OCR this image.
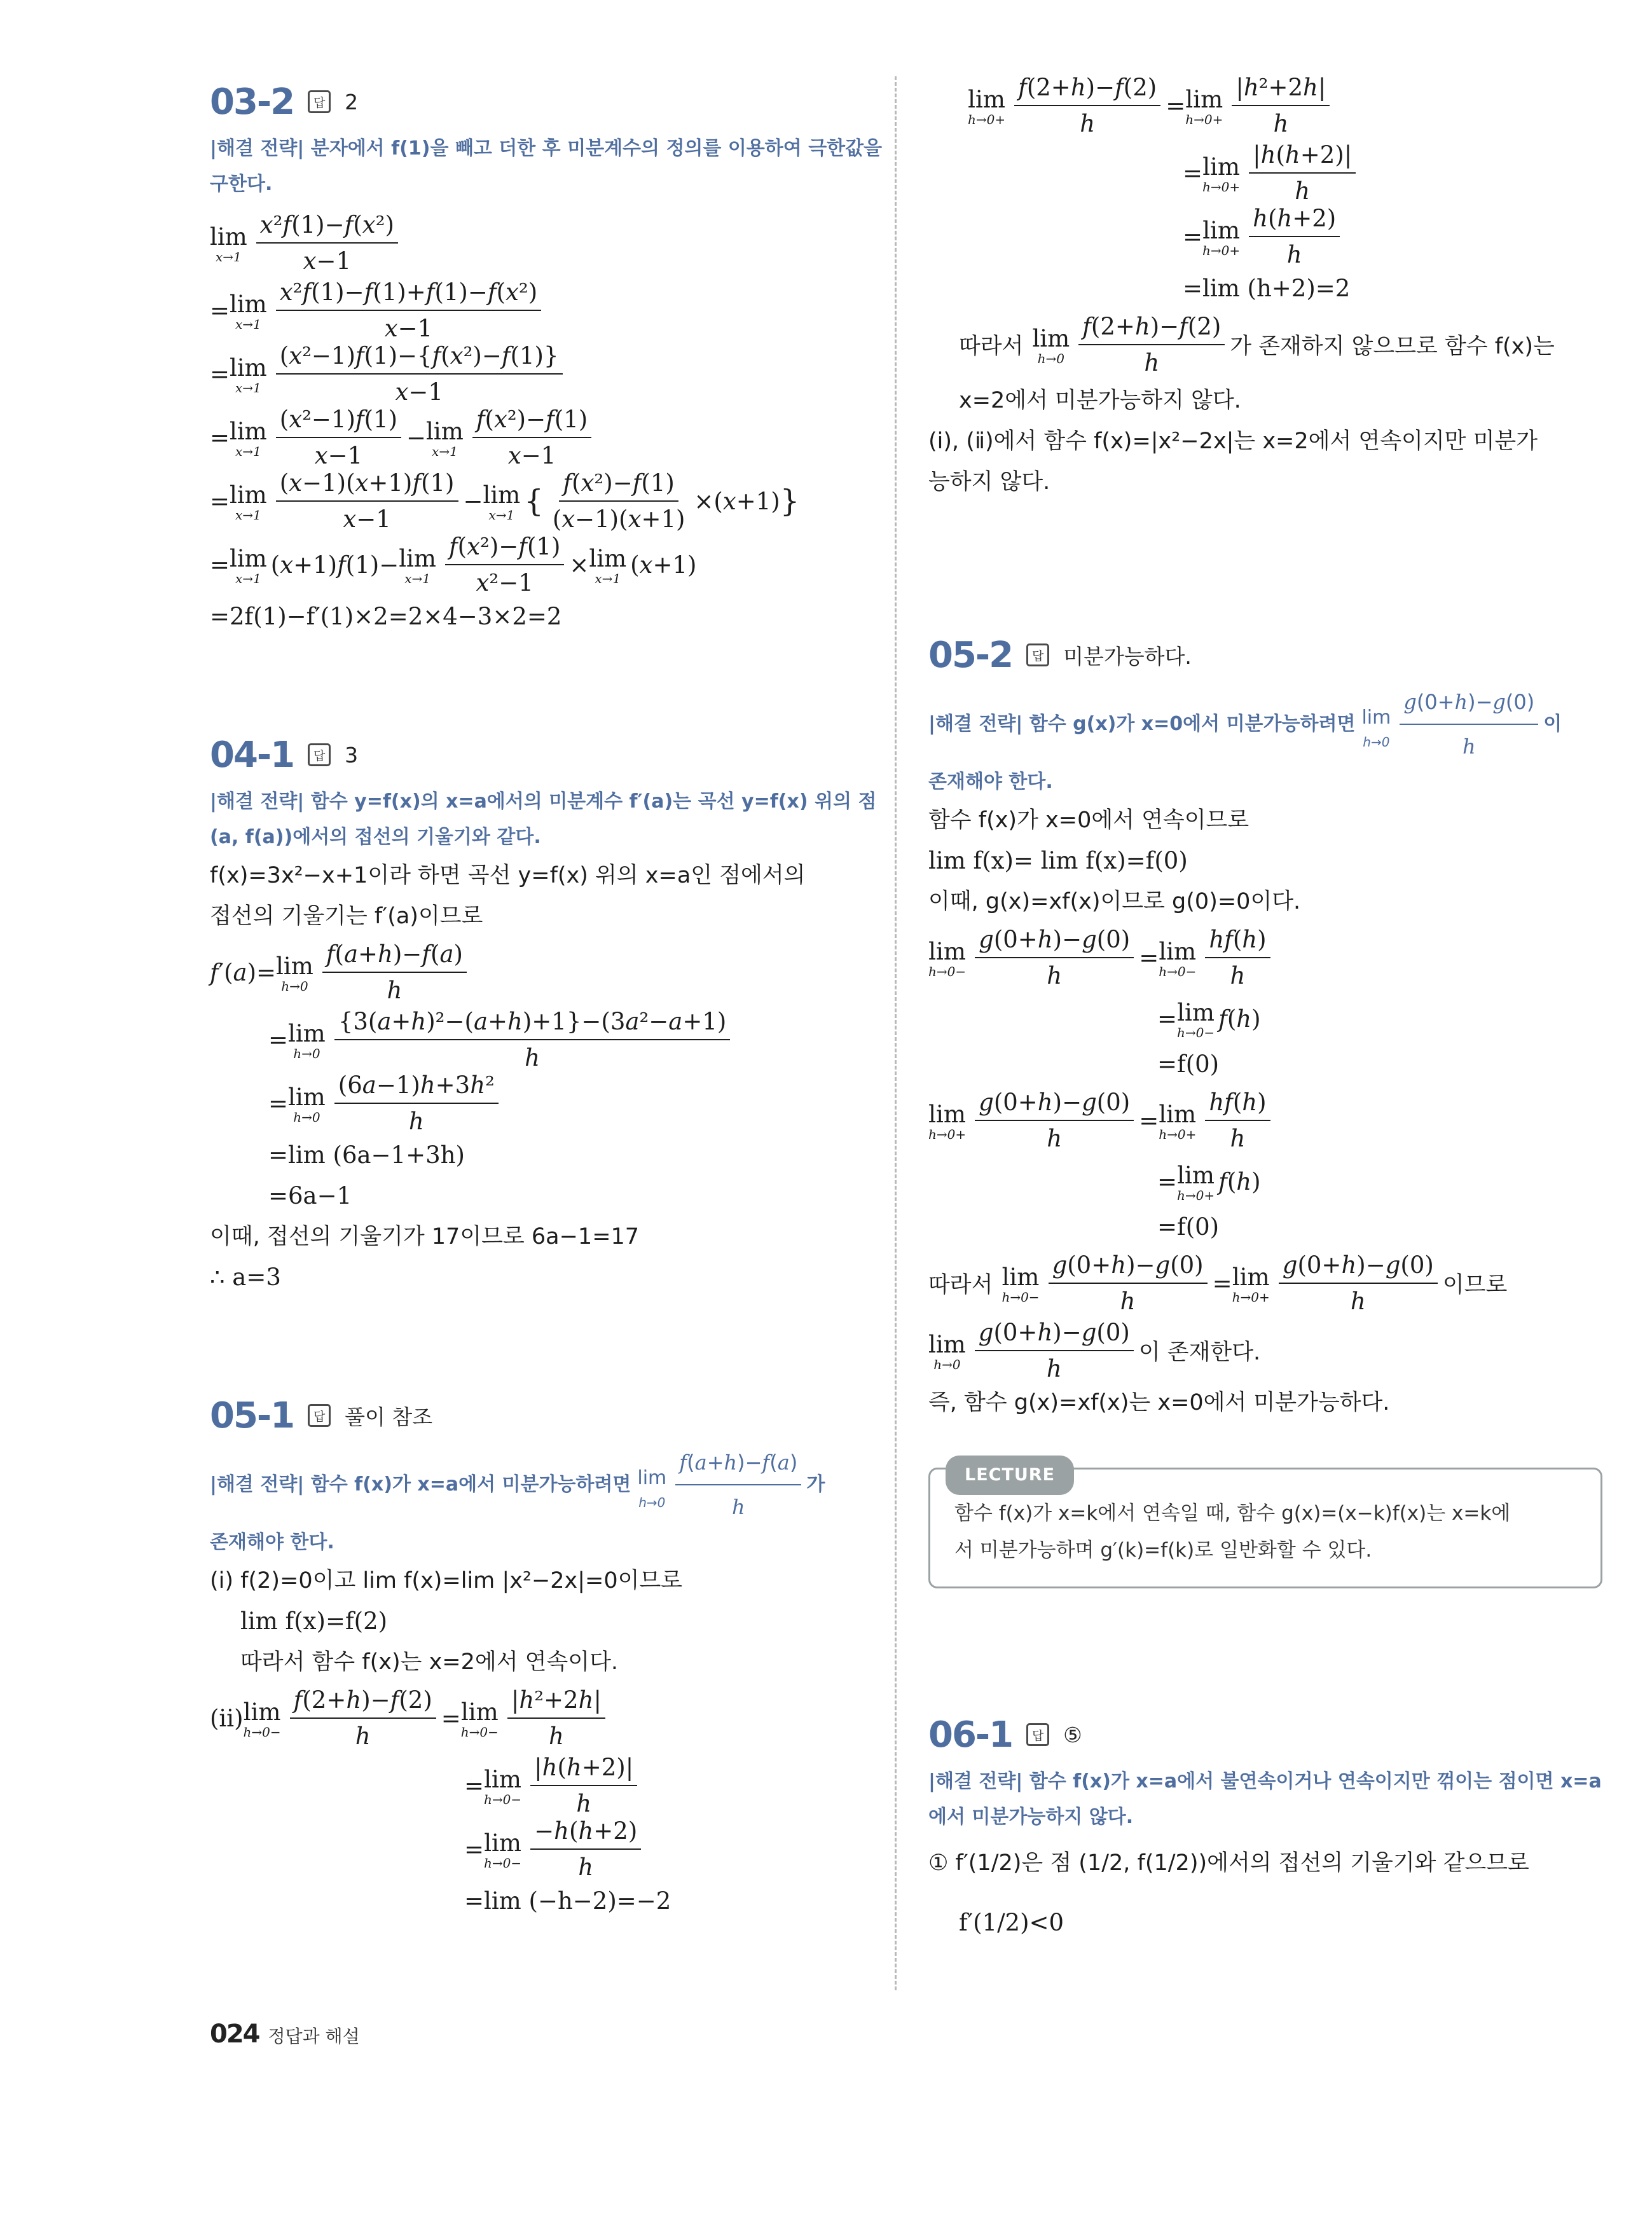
03-2	답 2
|해결 전략| 분자에서 f(1)을 빼고 더한 후 미분계수의 정의를 이용하여 극한값을 구한다.
lim
$x\to 1 \frac{\text{x²f(1)−f(x²)}}{x-1}$
= lim
$x\to 1 \frac{\text{x²f(1)−f(1)+f(1)−f(x²)}}{x-1}$
= lim
$x\to 1 \frac{\text{(x²−1)f(1)−\{f(x²)−f(1)\}}}{x-1}$
= lim
$x\to 1 \frac{\text{(x²−1)f(1)}}{x-1} - \lim$
$x\to 1 \frac{\text{f(x²)−f(1)}}{x-1}$
= lim
$x\to 1 \frac{(x-1)(x+1)f(1)}{x-1} - \lim$
x→1 { $\frac{\text{f(x²)−f(1)}}{(x-1)(x+1)} \times(x+1)$ }
= lim
x→1 (x+1)f(1)− lim
$x\to 1 \frac{\text{f(x²)−f(1)}}{\text{x²−1}} \times \lim$
x→1 (x+1)
=2f(1)−f′(1)×2=2×4−3×2=2
04-1	답 3
|해결 전략| 함수 y=f(x)의 x=a에서의 미분계수 f′(a)는 곡선 y=f(x) 위의 점 (a, f(a))에서의 접선의 기울기와 같다.
f(x)=3x²−x+1이라 하면 곡선 y=f(x) 위의 x=a인 점에서의
접선의 기울기는 f′(a)이므로
f′(a)= lim
$h\to 0 \frac{f(a+h)-f(a)}{h}$
= lim
$h\to 0 \frac{\text{\{3(a+h)²−(a+h)+1\}−(3a²−a+1)}}{h}$
= lim
$h\to 0 \frac{\text{(6a−1)h+3h²}}{h}$
=lim (6a−1+3h)
=6a−1
이때, 접선의 기울기가 17이므로 6a−1=17
∴ a=3
05-1	답 풀이 참조
|해결 전략|
함수 f(x)가 x=a에서 미분가능하려면 lim
$h\to 0 \frac{f(a+h)-f(a)}{h}$ 가
존재해야 한다.
(ⅰ) f(2)=0이고 lim f(x)=lim |x²−2x|=0이므로
lim f(x)=f(2)
따라서 함수 f(x)는 x=2에서 연속이다.
(ⅱ) lim
$h\to 0- \frac{f(2+h)-f(2)}{h} = \lim$
$h\to 0- \frac{\text{|h²+2h|}}{h}$
= lim
$h\to 0- \frac{|h(h+2)|}{h}$
= lim
$h\to 0- \frac{-h(h+2)}{h}$
=lim (−h−2)=−2
lim
$h\to 0+ \frac{f(2+h)-f(2)}{h} = \lim$
$h\to 0+ \frac{\text{|h²+2h|}}{h}$
= lim
$h\to 0+ \frac{|h(h+2)|}{h}$
= lim
$h\to 0+ \frac{h(h+2)}{h}$
=lim (h+2)=2
따라서 lim
$h\to 0 \frac{f(2+h)-f(2)}{h}$ 가 존재하지 않으므로 함수 f(x)는
x=2에서 미분가능하지 않다.
(ⅰ), (ⅱ)에서 함수 f(x)=|x²−2x|는 x=2에서 연속이지만 미분가
능하지 않다.
05-2	답 미분가능하다.
|해결 전략|
함수 g(x)가 x=0에서 미분가능하려면 lim
$h\to 0 \frac{g(0+h)-g(0)}{h}$ 이
존재해야 한다.
함수 f(x)가 x=0에서 연속이므로
lim f(x)= lim f(x)=f(0)
이때, g(x)=xf(x)이므로 g(0)=0이다.
lim
$h\to 0- \frac{g(0+h)-g(0)}{h} = \lim$
$h\to 0- \frac{hf(h)}{h}$
= lim
h→0− f(h)
=f(0)
lim
$h\to 0+ \frac{g(0+h)-g(0)}{h} = \lim$
$h\to 0+ \frac{hf(h)}{h}$
= lim
h→0+ f(h)
=f(0)
따라서 lim
$h\to 0- \frac{g(0+h)-g(0)}{h} = \lim$
$h\to 0+ \frac{g(0+h)-g(0)}{h}$ 이므로
lim
$h\to 0 \frac{g(0+h)-g(0)}{h}$ 이 존재한다.
즉, 함수 g(x)=xf(x)는 x=0에서 미분가능하다.
LECTURE
함수 f(x)가 x=k에서 연속일 때, 함수 g(x)=(x−k)f(x)는 x=k에
서 미분가능하며 g′(k)=f(k)로 일반화할 수 있다.
06-1	답 ⑤
|해결 전략| 함수 f(x)가 x=a에서 불연속이거나 연속이지만 꺾이는 점이면 x=a에서 미분가능하지 않다.
① f′(1/2)은 점 (1/2, f(1/2))에서의 접선의 기울기와 같으므로
f′(1/2)<0
024 정답과 해설
